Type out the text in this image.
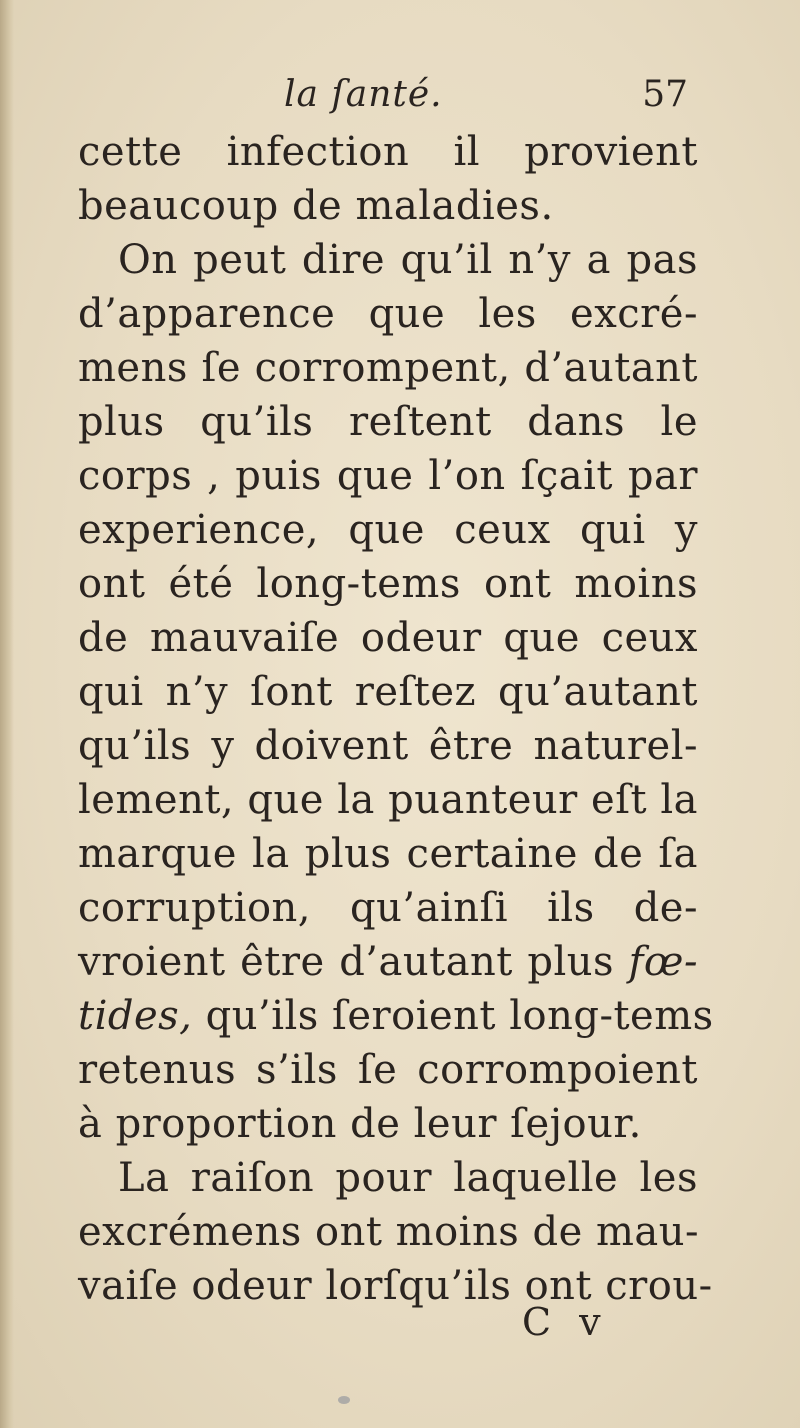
la ſanté.	57
cette infection il provient
beaucoup de maladies.
On peut dire qu’il n’y a pas
d’apparence que les excré-
mens ſe corrompent, d’autant
plus qu’ils reſtent dans le
corps , puis que l’on ſçait par
experience, que ceux qui y
ont été long-tems ont moins
de mauvaiſe odeur que ceux
qui n’y ſont reſtez qu’autant
qu’ils y doivent être naturel-
lement, que la puanteur eſt la
marque la plus certaine de ſa
corruption, qu’ainſi ils de-
vroient être d’autant plus fœ-
tides, qu’ils ſeroient long-tems
retenus s’ils ſe corrompoient
à proportion de leur ſejour.
La raiſon pour laquelle les
excrémens ont moins de mau-
vaiſe odeur lorſqu’ils ont crou-
C v
